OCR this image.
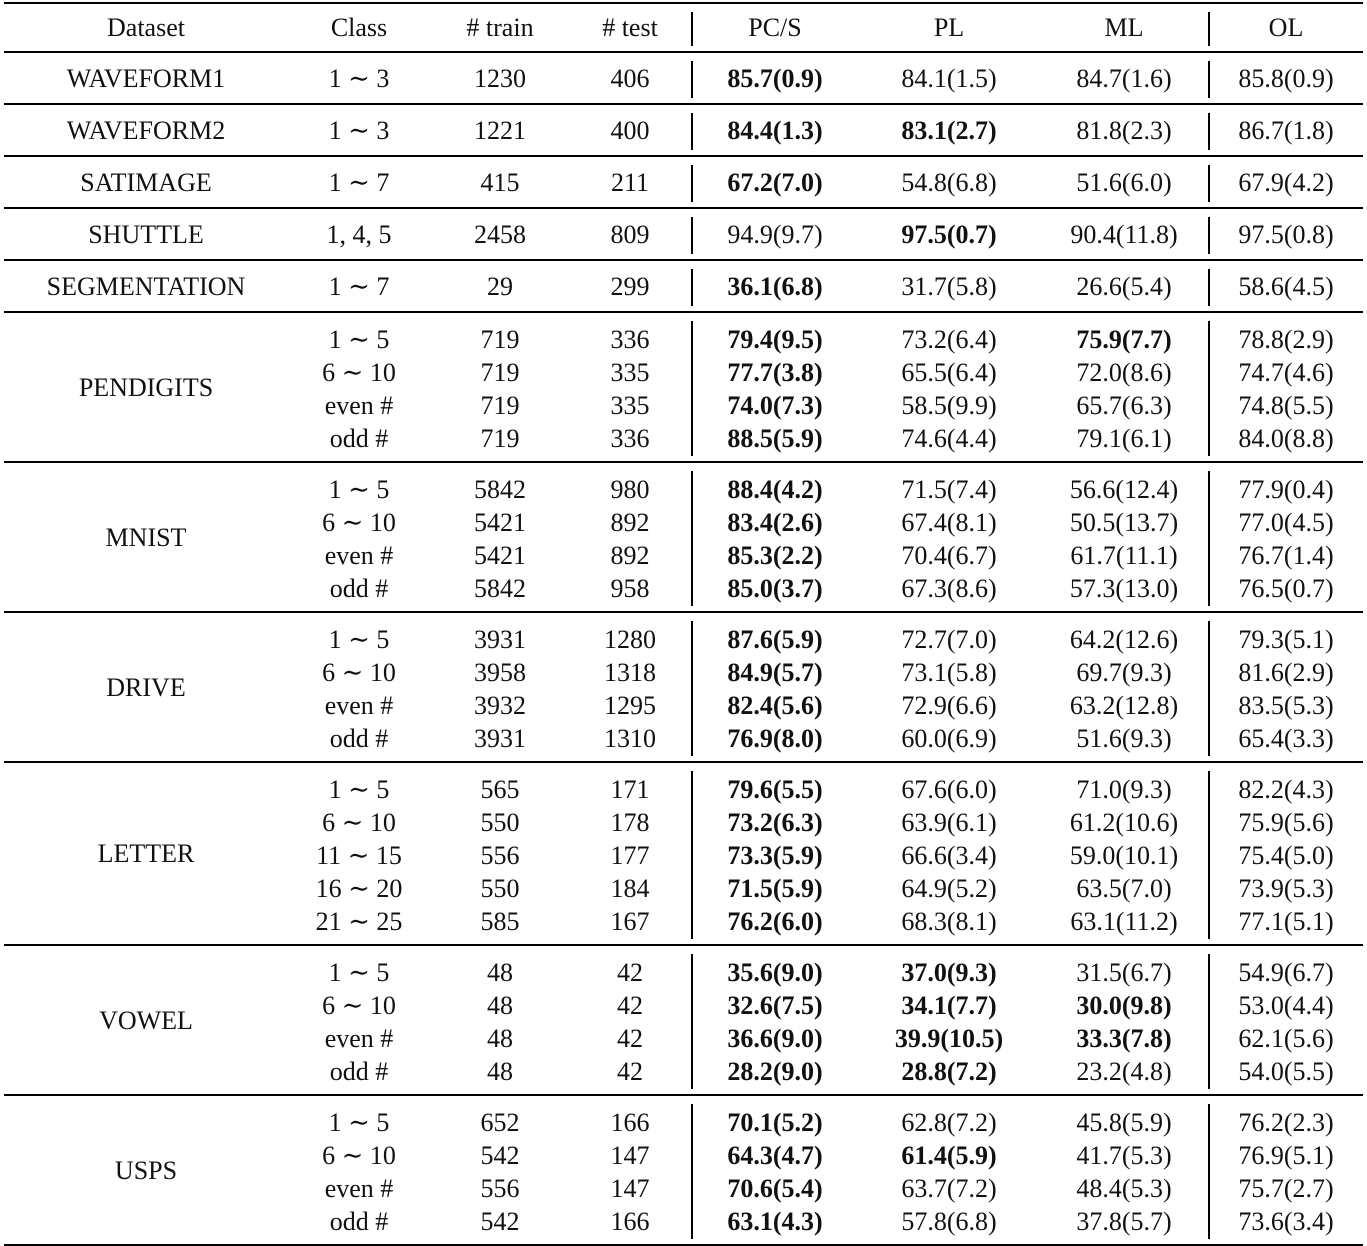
Dataset	Class	# train	# test	PC/S	PL	ML	OL
WAVEFORM1	1 ∼ 3	1230	406	85.7(0.9)	84.1(1.5)	84.7(1.6)	85.8(0.9)
WAVEFORM2	1 ∼ 3	1221	400	84.4(1.3)	83.1(2.7)	81.8(2.3)	86.7(1.8)
SATIMAGE	1 ∼ 7	415	211	67.2(7.0)	54.8(6.8)	51.6(6.0)	67.9(4.2)
SHUTTLE	1, 4, 5	2458	809	94.9(9.7)	97.5(0.7)	90.4(11.8) 97.5(0.8)
SEGMENTATION	1 ∼ 7	29	299	36.1(6.8)	31.7(5.8)	26.6(5.4)	58.6(4.5)
PENDIGITS
1 ∼ 5	719	336	79.4(9.5)	73.2(6.4)	75.9(7.7)	78.8(2.9)
6 ∼ 10	719	335	77.7(3.8)	65.5(6.4)	72.0(8.6)	74.7(4.6)
even #	719	335	74.0(7.3)	58.5(9.9)	65.7(6.3)	74.8(5.5)
odd #	719	336	88.5(5.9)	74.6(4.4)	79.1(6.1)	84.0(8.8)
MNIST
1 ∼ 5	5842	980	88.4(4.2)	71.5(7.4)	56.6(12.4) 77.9(0.4)
6 ∼ 10	5421	892	83.4(2.6)	67.4(8.1)	50.5(13.7) 77.0(4.5)
even #	5421	892	85.3(2.2)	70.4(6.7)	61.7(11.1) 76.7(1.4)
odd #	5842	958	85.0(3.7)	67.3(8.6)	57.3(13.0) 76.5(0.7)
DRIVE
1 ∼ 5	3931	1280	87.6(5.9)	72.7(7.0)	64.2(12.6) 79.3(5.1)
6 ∼ 10	3958	1318	84.9(5.7)	73.1(5.8)	69.7(9.3)	81.6(2.9)
even #	3932	1295	82.4(5.6)	72.9(6.6)	63.2(12.8) 83.5(5.3)
odd #	3931	1310	76.9(8.0)	60.0(6.9)	51.6(9.3)	65.4(3.3)
LETTER
1 ∼ 5	565	171	79.6(5.5)	67.6(6.0)	71.0(9.3)	82.2(4.3)
6 ∼ 10	550	178	73.2(6.3)	63.9(6.1)	61.2(10.6) 75.9(5.6)
11 ∼ 15	556	177	73.3(5.9)	66.6(3.4)	59.0(10.1) 75.4(5.0)
16 ∼ 20	550	184	71.5(5.9)	64.9(5.2)	63.5(7.0)	73.9(5.3)
21 ∼ 25	585	167	76.2(6.0)	68.3(8.1)	63.1(11.2) 77.1(5.1)
VOWEL
1 ∼ 5	48	42	35.6(9.0)	37.0(9.3)	31.5(6.7)	54.9(6.7)
6 ∼ 10	48	42	32.6(7.5)	34.1(7.7)	30.0(9.8)	53.0(4.4)
even #	48	42	36.6(9.0)	39.9(10.5)	33.3(7.8)	62.1(5.6)
odd #	48	42	28.2(9.0)	28.8(7.2)	23.2(4.8)	54.0(5.5)
USPS
1 ∼ 5	652	166	70.1(5.2)	62.8(7.2)	45.8(5.9)	76.2(2.3)
6 ∼ 10	542	147	64.3(4.7)	61.4(5.9)	41.7(5.3)	76.9(5.1)
even #	556	147	70.6(5.4)	63.7(7.2)	48.4(5.3)	75.7(2.7)
odd #	542	166	63.1(4.3)	57.8(6.8)	37.8(5.7)	73.6(3.4)
